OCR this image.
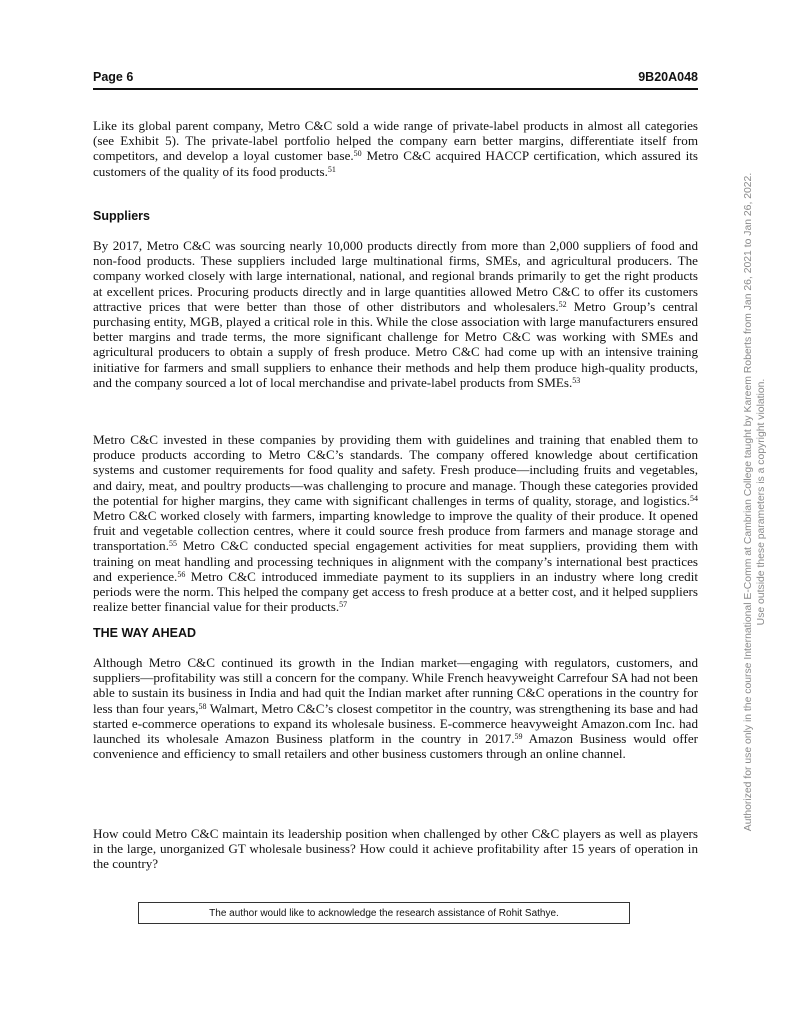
Page 6	9B20A048

Like its global parent company, Metro C&C sold a wide range of private-label products in almost all categories (see Exhibit 5). The private-label portfolio helped the company earn better margins, differentiate itself from competitors, and develop a loyal customer base.$^{50}$ Metro C&C acquired HACCP certification, which assured its customers of the quality of its food products.$^{51}$

Suppliers

By 2017, Metro C&C was sourcing nearly 10,000 products directly from more than 2,000 suppliers of food and non-food products. These suppliers included large multinational firms, SMEs, and agricultural producers. The company worked closely with large international, national, and regional brands primarily to get the right products at excellent prices. Procuring products directly and in large quantities allowed Metro C&C to offer its customers attractive prices that were better than those of other distributors and wholesalers.$^{52}$ Metro Group’s central purchasing entity, MGB, played a critical role in this. While the close association with large manufacturers ensured better margins and trade terms, the more significant challenge for Metro C&C was working with SMEs and agricultural producers to obtain a supply of fresh produce. Metro C&C had come up with an intensive training initiative for farmers and small suppliers to enhance their methods and help them produce high-quality products, and the company sourced a lot of local merchandise and private-label products from SMEs.$^{53}$

Metro C&C invested in these companies by providing them with guidelines and training that enabled them to produce products according to Metro C&C’s standards. The company offered knowledge about certification systems and customer requirements for food quality and safety. Fresh produce—including fruits and vegetables, and dairy, meat, and poultry products—was challenging to procure and manage. Though these categories provided the potential for higher margins, they came with significant challenges in terms of quality, storage, and logistics.$^{54}$ Metro C&C worked closely with farmers, imparting knowledge to improve the quality of their produce. It opened fruit and vegetable collection centres, where it could source fresh produce from farmers and manage storage and transportation.$^{55}$ Metro C&C conducted special engagement activities for meat suppliers, providing them with training on meat handling and processing techniques in alignment with the company’s international best practices and experience.$^{56}$ Metro C&C introduced immediate payment to its suppliers in an industry where long credit periods were the norm. This helped the company get access to fresh produce at a better cost, and it helped suppliers realize better financial value for their products.$^{57}$

THE WAY AHEAD

Although Metro C&C continued its growth in the Indian market—engaging with regulators, customers, and suppliers—profitability was still a concern for the company. While French heavyweight Carrefour SA had not been able to sustain its business in India and had quit the Indian market after running C&C operations in the country for less than four years,$^{58}$ Walmart, Metro C&C’s closest competitor in the country, was strengthening its base and had started e-commerce operations to expand its wholesale business. E-commerce heavyweight Amazon.com Inc. had launched its wholesale Amazon Business platform in the country in 2017.59 Amazon Business would offer convenience and efficiency to small retailers and other business customers through an online channel.

How could Metro C&C maintain its leadership position when challenged by other C&C players as well as players in the large, unorganized GT wholesale business? How could it achieve profitability after 15 years of operation in the country?

The author would like to acknowledge the research assistance of Rohit Sathye.
Authorized for use only in the course International E-Comm at Cambrian College taught by Kareem Roberts from Jan 26, 2021 to Jan 26, 2022. Use outside these parameters is a copyright violation.
